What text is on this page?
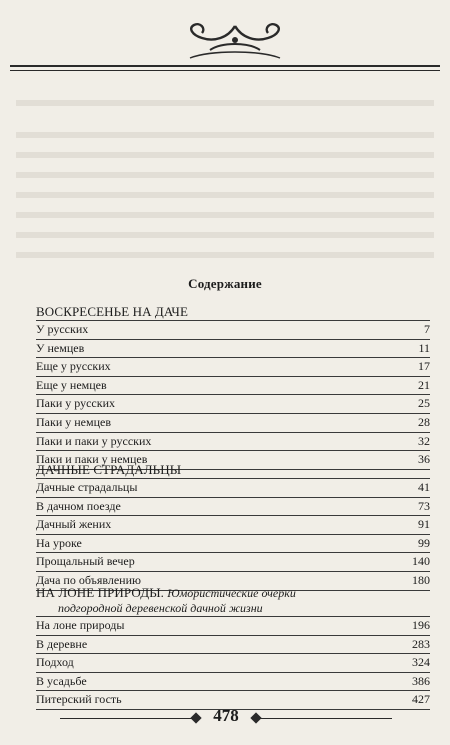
Содержание
ВОСКРЕСЕНЬЕ НА ДАЧЕ
У русских	7
У немцев	11
Еще у русских	17
Еще у немцев	21
Паки у русских	25
Паки у немцев	28
Паки и паки у русских	32
Паки и паки у немцев	36
ДАЧНЫЕ СТРАДАЛЬЦЫ
Дачные страдальцы	41
В дачном поезде	73
Дачный жених	91
На уроке	99
Прощальный вечер	140
Дача по объявлению	180
НА ЛОНЕ ПРИРОДЫ. Юмористические очерки
подгородной деревенской дачной жизни
На лоне природы	196
В деревне	283
Подход	324
В усадьбе	386
Питерский гость	427
478
